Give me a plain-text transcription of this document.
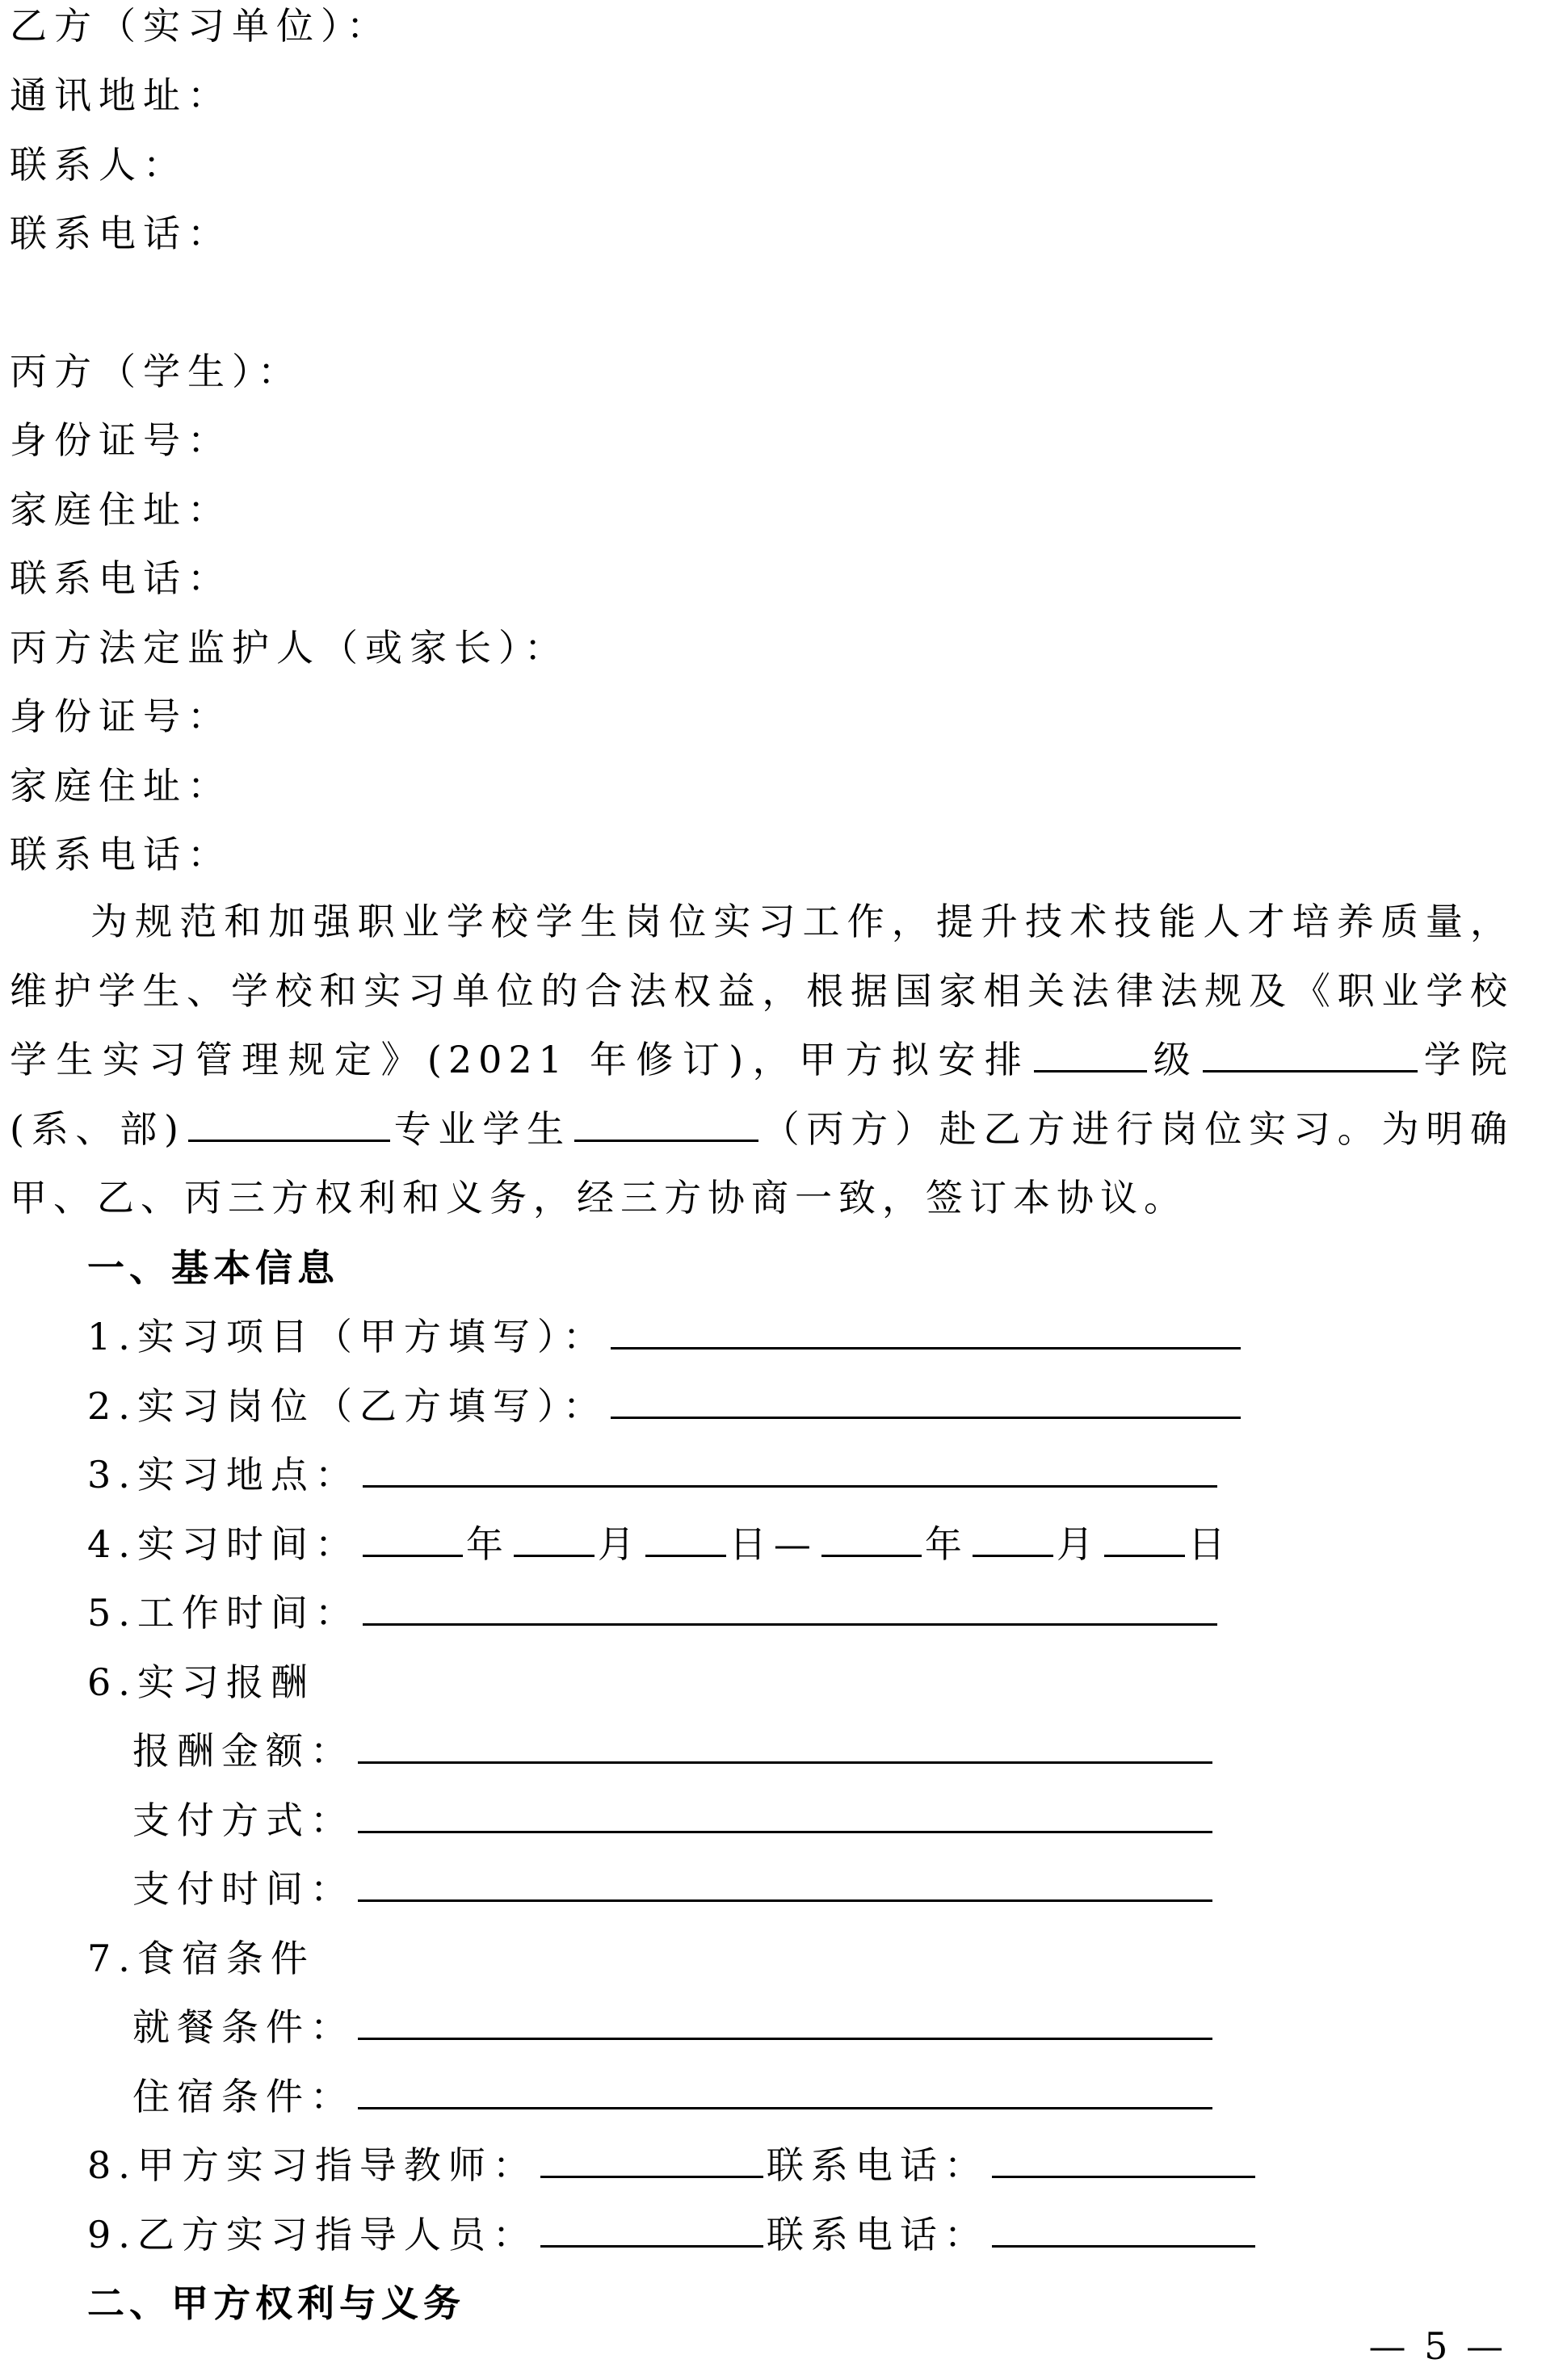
乙方（实习单位）：
通讯地址：
联系人：
联系电话：
丙方（学生）：
身份证号：
家庭住址：
联系电话：
丙方法定监护人（或家长）：
身份证号：
家庭住址：
联系电话：
为规范和加强职业学校学生岗位实习工作，提升技术技能人才培养质量，维护学生、学校和实习单位的合法权益，根据国家相关法律法规及《职业学校学生实习管理规定》(2021 年修订)，甲方拟安排	级	学院(系、部)	专业学生	（丙方）赴乙方进行岗位实习。为明确甲、乙、丙三方权利和义务，经三方协商一致，签订本协议。
一、基本信息
1.实习项目（甲方填写）：
2.实习岗位（乙方填写）：
3.实习地点：
4.实习时间：	年 月 日—	年 月 日
5.工作时间：
6.实习报酬
报酬金额：
支付方式：
支付时间：
7.食宿条件
就餐条件：
住宿条件：
8.甲方实习指导教师：	联系电话：
9.乙方实习指导人员：	联系电话：
二、甲方权利与义务
— 5 —
